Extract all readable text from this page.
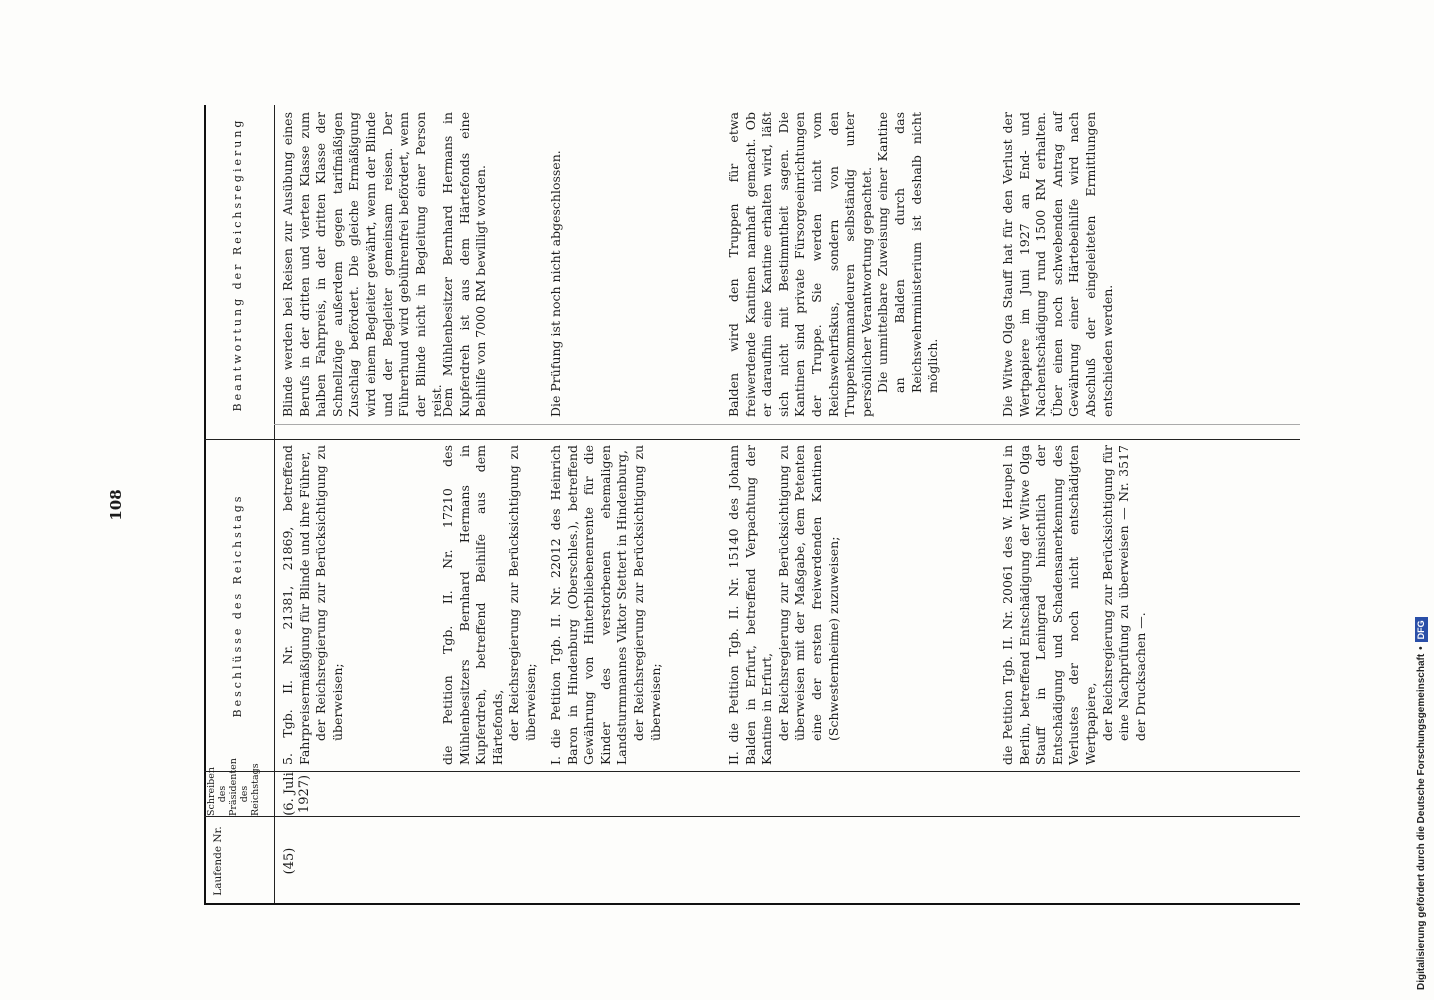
108
Laufende Nr.
Schreiben des Präsidenten des Reichstags
Beschlüsse des Reichstags
Beantwortung der Reichsregierung
(45)
(6. Juli 1927)

5. Tgb. II. Nr. 21381, 21869, betreffend Fahrpreisermäßigung für Blinde und ihre Führer, der Reichsregierung zur Berücksichtigung zu überweisen;

Blinde werden bei Reisen zur Ausübung eines Berufs in der dritten und vierten Klasse zum halben Fahrpreis, in der dritten Klasse der Schnellzüge außerdem gegen tarifmäßigen Zuschlag befördert. Die gleiche Ermäßigung wird einem Begleiter gewährt, wenn der Blinde und der Begleiter gemeinsam reisen. Der Führerhund wird gebührenfrei befördert, wenn der Blinde nicht in Begleitung einer Person reist.

die Petition Tgb. II. Nr. 17210 des Mühlenbesitzers Bernhard Hermans in Kupferdreh, betreffend Beihilfe aus dem Härtefonds, der Reichsregierung zur Berücksichtigung zu überweisen;

Dem Mühlenbesitzer Bernhard Hermans in Kupferdreh ist aus dem Härtefonds eine Beihilfe von 7000 RM bewilligt worden.

I. die Petition Tgb. II. Nr. 22012 des Heinrich Baron in Hindenburg (Oberschles.), betreffend Gewährung von Hinterbliebenenrente für die Kinder des verstorbenen ehemaligen Landsturmmannes Viktor Stettert in Hindenburg, der Reichsregierung zur Berücksichtigung zu überweisen;

Die Prüfung ist noch nicht abgeschlossen.

II. die Petition Tgb. II. Nr. 15140 des Johann Balden in Erfurt, betreffend Verpachtung der Kantine in Erfurt, der Reichsregierung zur Berücksichtigung zu überweisen mit der Maßgabe, dem Petenten eine der ersten freiwerdenden Kantinen (Schwesternheime) zuzuweisen;

Balden wird den Truppen für etwa freiwerdende Kantinen namhaft gemacht. Ob er daraufhin eine Kantine erhalten wird, läßt sich nicht mit Bestimmtheit sagen. Die Kantinen sind private Fürsorgeeinrichtungen der Truppe. Sie werden nicht vom Reichswehrfiskus, sondern von den Truppenkommandeuren selbständig unter persönlicher Verantwortung gepachtet. Die unmittelbare Zuweisung einer Kantine an Balden durch das Reichswehrministerium ist deshalb nicht möglich.

die Petition Tgb. II. Nr. 20061 des W. Heupel in Berlin, betreffend Entschädigung der Witwe Olga Stauff in Leningrad hinsichtlich der Entschädigung und Schadensanerkennung des Verlustes der noch nicht entschädigten Wertpapiere, der Reichsregierung zur Berücksichtigung für eine Nachprüfung zu überweisen — Nr. 3517 der Drucksachen —.

Die Witwe Olga Stauff hat für den Verlust der Wertpapiere im Juni 1927 an End- und Nachentschädigung rund 1500 RM erhalten. Über einen noch schwebenden Antrag auf Gewährung einer Härtebeihilfe wird nach Abschluß der eingeleiteten Ermittlungen entschieden werden.
Digitalisierung gefördert durch die Deutsche Forschungsgemeinschaft
•
DFG
